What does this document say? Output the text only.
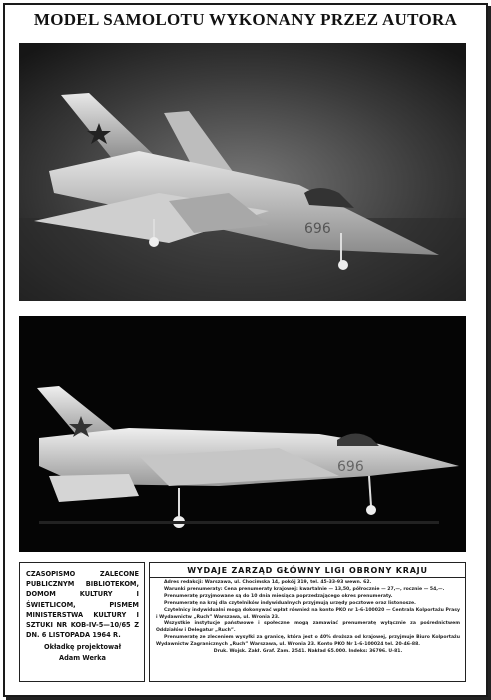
MODEL SAMOLOTU WYKONANY PRZEZ AUTORA
696
696
CZASOPISMO ZALECONE PUBLICZNYM BIBLIOTEKOM, DOMOM KULTURY I ŚWIETLICOM, PISMEM MINISTERSTWA KULTURY I SZTUKI NR KOB-IV-5—10/65 Z DN. 6 LISTOPADA 1964 R.
Okładkę projektował
Adam Werka
WYDAJE ZARZĄD GŁÓWNY LIGI OBRONY KRAJU

Adres redakcji: Warszawa, ul. Chocimska 14, pokój 319, tel. 45-33-93 wewn. 62.

Warunki prenumeraty: Cena prenumeraty krajowej: kwartalnie — 13,50, półrocznie — 27,—, rocznie — 54,—.

Prenumeratę przyjmowane są do 10 dnia miesiąca poprzedzającego okres prenumeraty.

Prenumeratę na kraj dla czytelników indywidualnych przyjmują urzędy pocztowe oraz listonosze.

Czytelnicy indywidualni mogą dokonywać wpłat również na konto PKO nr 1-6-100020 — Centrala Kolportażu Prasy i Wydawnictw „Ruch” Warszawa, ul. Wronia 23.

Wszystkie instytucje państwowe i społeczne mogą zamawiać prenumeratę wyłącznie za pośrednictwem Oddziałów i Delegatur „Ruch”.

Prenumeratę ze zleceniem wysyłki za granicę, która jest o 40% droższa od krajowej, przyjmuje Biuro Kolportażu Wydawnictw Zagranicznych „Ruch” Warszawa, ul. Wronia 23. Konto PKO Nr 1-6-100024 tel. 20-46-88.

Druk. Wojsk. Zakł. Graf. Zam. 2541. Nakład 65.000. Indeks: 36796. U-81.
